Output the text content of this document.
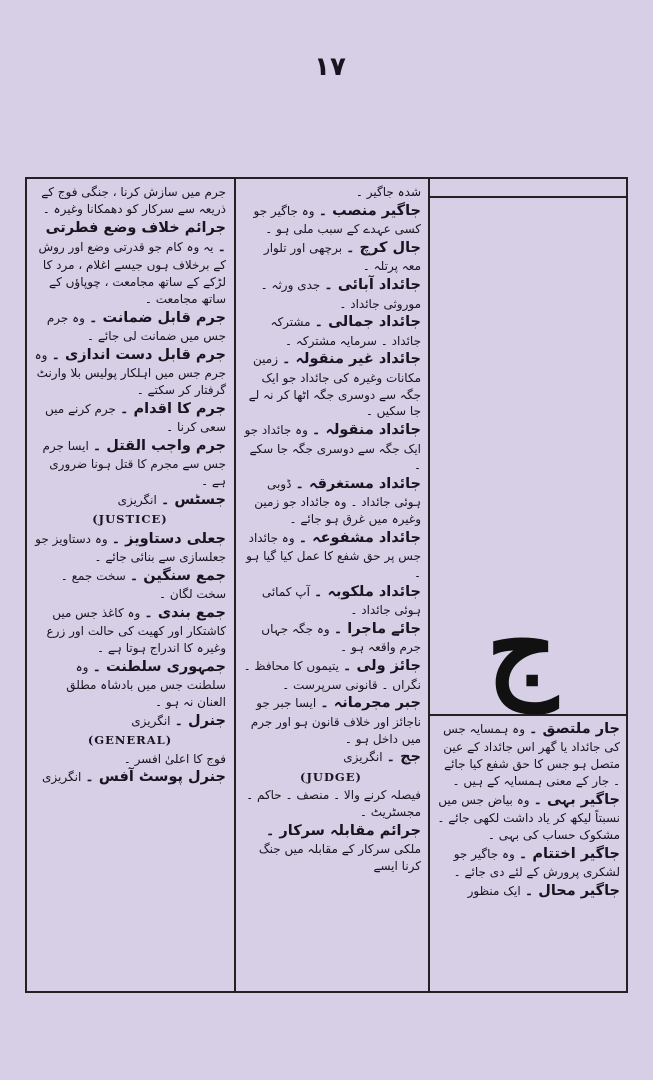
۱۷
ج
جرم میں سازش کرنا ، جنگی فوج کے ذریعہ سے سرکار کو دھمکانا وغیرہ ۔
جرائم خلاف وضع فطرتی ۔ یہ وہ کام جو قدرتی وضع اور روش کے برخلاف ہوں جیسے اغلام ، مرد کا لڑکے کے ساتھ مجامعت ، چوپاؤں کے ساتھ مجامعت ۔
جرم قابل ضمانت ۔ وہ جرم جس میں ضمانت لی جائے ۔
جرم قابل دست اندازی ۔ وہ جرم جس میں اہلکار پولیس بلا وارنٹ گرفتار کر سکتے ۔
جرم کا اقدام ۔ جرم کرنے میں سعی کرنا ۔
جرم واجب القتل ۔ ایسا جرم جس سے مجرم کا قتل ہونا ضروری ہے ۔
جسٹس ۔ انگریزی
(JUSTICE)
جعلی دستاویز ۔ وہ دستاویز جو جعلسازی سے بنائی جائے ۔
جمع سنگین ۔ سخت جمع ۔ سخت لگان ۔
جمع بندی ۔ وہ کاغذ جس میں کاشتکار اور کھیت کی حالت اور زرع وغیرہ کا اندراج ہوتا ہے ۔
جمہوری سلطنت ۔ وہ سلطنت جس میں بادشاہ مطلق العنان نہ ہو ۔
جنرل ۔ انگریزی
(GENERAL)
فوج کا اعلیٰ افسر ۔
جنرل پوسٹ آفس ۔ انگریزی
شدہ جاگیر ۔
جاگیر منصب ۔ وہ جاگیر جو کسی عہدے کے سبب ملی ہو ۔
جال کرچ ۔ برچھی اور تلوار معہ پرتلہ ۔
جائداد آبائی ۔ جدی ورثہ ۔ موروثی جائداد ۔
جائداد جمالی ۔ مشترکہ جائداد ۔ سرمایہ مشترکہ ۔
جائداد غیر منقولہ ۔ زمین مکانات وغیرہ کی جائداد جو ایک جگہ سے دوسری جگہ اٹھا کر نہ لے جا سکیں ۔
جائداد منقولہ ۔ وہ جائداد جو ایک جگہ سے دوسری جگہ جا سکے ۔
جائداد مستغرقہ ۔ ڈوبی ہوئی جائداد ۔ وہ جائداد جو زمین وغیرہ میں غرق ہو جائے ۔
جائداد مشفوعہ ۔ وہ جائداد جس پر حق شفع کا عمل کیا گیا ہو ۔
جائداد ملکوبہ ۔ آپ کمائی ہوئی جائداد ۔
جائے ماجرا ۔ وہ جگہ جہاں جرم واقعہ ہو ۔
جائز ولی ۔ یتیموں کا محافظ ۔ نگراں ۔ قانونی سرپرست ۔
جبر مجرمانہ ۔ ایسا جبر جو ناجائز اور خلاف قانون ہو اور جرم میں داخل ہو ۔
جج ۔ انگریزی
(JUDGE)
فیصلہ کرنے والا ۔ منصف ۔ حاکم ۔ مجسٹریٹ ۔
جرائم مقابلہ سرکار ۔ ملکی سرکار کے مقابلہ میں جنگ کرنا ایسے
جار ملتصق ۔ وہ ہمسایہ جس کی جائداد یا گھر اس جائداد کے عین متصل ہو جس کا حق شفع کیا جائے ۔ جار کے معنی ہمسایہ کے ہیں ۔
جاگیر بہی ۔ وہ بیاض جس میں نسبتاً لیکھ کر یاد داشت لکھی جائے ۔ مشکوک حساب کی بہی ۔
جاگیر اختتام ۔ وہ جاگیر جو لشکری پرورش کے لئے دی جائے ۔
جاگیر محال ۔ ایک منظور
